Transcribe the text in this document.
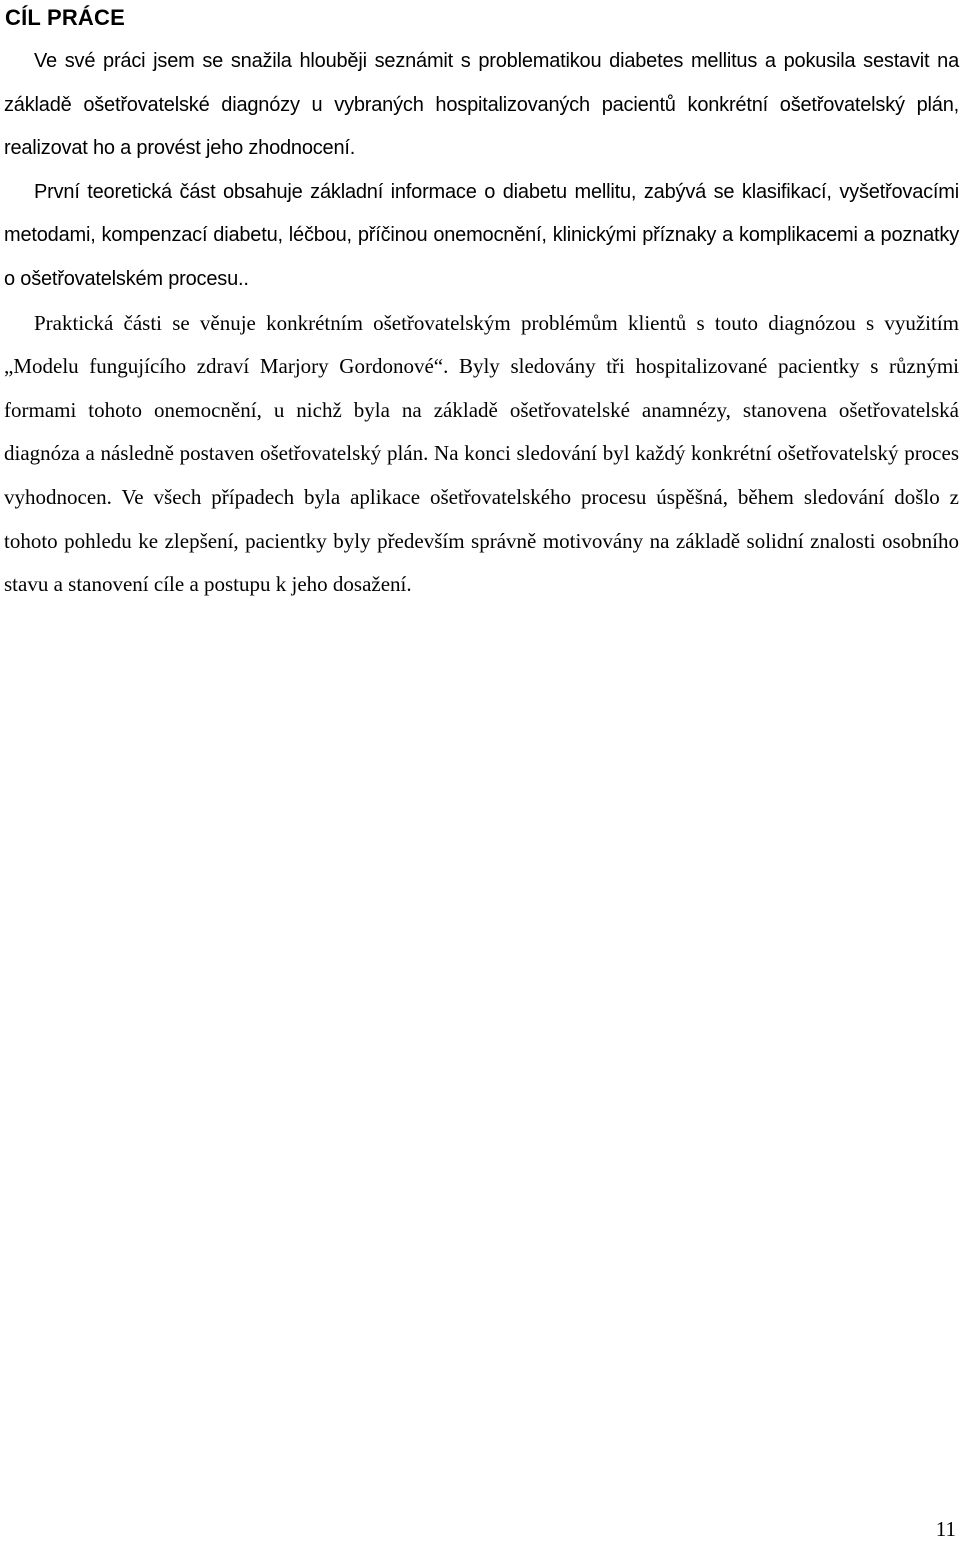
CÍL PRÁCE

Ve své práci jsem se snažila hlouběji seznámit s problematikou diabetes mellitus a pokusila sestavit na základě ošetřovatelské diagnózy u vybraných hospitalizovaných pacientů konkrétní ošetřovatelský plán, realizovat ho a provést jeho zhodnocení.

První teoretická část obsahuje základní informace o diabetu mellitu, zabývá se klasifikací, vyšetřovacími metodami, kompenzací diabetu, léčbou, příčinou onemocnění, klinickými příznaky a komplikacemi a poznatky o ošetřovatelském procesu..

Praktická části se věnuje konkrétním ošetřovatelským problémům klientů s touto diagnózou s využitím „Modelu fungujícího zdraví Marjory Gordonové“. Byly sledovány tři hospitalizované pacientky s různými formami tohoto onemocnění, u nichž byla na základě ošetřovatelské anamnézy, stanovena ošetřovatelská diagnóza a následně postaven ošetřovatelský plán. Na konci sledování byl každý konkrétní ošetřovatelský proces vyhodnocen. Ve všech případech byla aplikace ošetřovatelského procesu úspěšná, během sledování došlo z tohoto pohledu ke zlepšení, pacientky byly především správně motivovány na základě solidní znalosti osobního stavu a stanovení cíle a postupu k jeho dosažení.

11
